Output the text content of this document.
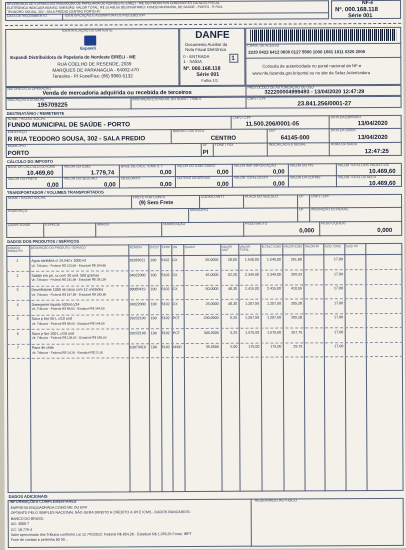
RECEBEMOS DE EXPANDI DISTRIBUIDORA DE PAPELARIA DO NORDESTE EIRELI - ME OS PRODUTOS CONSTANTES DA NOTA FISCAL
ELETRÔNICA INDICADA ABAIXO. EMISSÃO: VALOR TOTAL: R$ 10.469,60 DESTINATÁRIO: FUNDO MUNICIPAL DE SAÚDE - PORTO - R RUA
TEODORO SOUSA, 302 - SALA PREDIO CENTRO PORTO-PI
DATA DE RECEBIMENTO	IDENTIFICAÇÃO E ASSINATURA DO RECEBEDOR
NF-e
Nº. 000.168.118
Série 001
IDENTIFICAÇÃO DO EMITENTE
Expandi
Expandi Distribuidora de Papelaria do Nordeste EIRELI - ME
RUA COELHO DE RESENDE, 2039
MARQUES DE PARANAGUA - 64002-470
Teresina - PI Fone/Fax: (86) 9960-5132
DANFE
Documento Auxiliar da
Nota Fiscal Eletrônica
0 - ENTRADA
1 - SAÍDA	1
Nº. 000.168.118
Série 001
Folha 1/1
CHAVE DE ACESSO
2220 0422 6412 0600 0127 5500 1000 1681 1811 0320 2000
Consulta de autenticidade no portal nacional da NF-e
www.nfe.fazenda.gov.br/portal ou no site da Sefaz Autorizadora
NATUREZA DA OPERAÇÃO
Venda de mercadoria adquirida ou recebida de terceiros
PROTOCOLO DE AUTORIZAÇÃO DE USO
322200004999493 - 13/04/2020 12:47:29
INSCRIÇÃO ESTADUAL
195709225
INSCRIÇÃO ESTADUAL DO SUBST. TRIBUT.	CNPJ / CPF
23.841.256/0001-27
DESTINATÁRIO / REMETENTE
NOME / RAZÃO SOCIAL
FUNDO MUNICIPAL DE SAÚDE - PORTO
CNPJ / CPF
11.500.206/0001-05
DATA DA EMISSÃO
13/04/2020
ENDEREÇO
R RUA TEODORO SOUSA, 302 - SALA PREDIO
BAIRRO / DISTRITO
CENTRO
CEP
64145-000
DATA DA SAÍDA
13/04/2020
MUNICÍPIO
PORTO
UF
PI
FONE / FAX	INSCRIÇÃO ESTADUAL	HORA DA SAÍDA
12:47:25
CÁLCULO DO IMPOSTO
BASE DE CÁLCULO DO ICMS
10.469,60
VALOR DO ICMS
1.779,74
BASE DE CÁLC. ICMS S.T.
0,00
VALOR DO ICMS SUBST.
0,00
VALOR IMP. IMPORTAÇÃO
0,00
VALOR DO PIS	VALOR TOTAL DOS PRODUTOS
10.469,60
VALOR DO FRETE
0,00
VALOR DO SEGURO
0,00
DESCONTO
0,00
OUTRAS DESPESAS
0,00
VALOR TOTAL DO IPI
0,00
VALOR DA COFINS	VALOR TOTAL DA NOTA
10.469,60
TRANSPORTADOR / VOLUMES TRANSPORTADOS
NOME / RAZÃO SOCIAL	FRETE POR CONTA
(9) Sem Frete
CÓDIGO ANTT	PLACA DO VEÍCULO	UF CNPJ / CPF
ENDEREÇO	MUNICÍPIO	UF INSCRIÇÃO ESTADUAL
QUANTIDADE	ESPÉCIE	MARCA	NUMERAÇÃO	PESO BRUTO
0,000
PESO LÍQUIDO
0,000
DADOS DOS PRODUTOS / SERVIÇOS
CÓDIGO PRODUTO
DESCRIÇÃO DO PRODUTO / SERVIÇO	NCM/SH	O/CST CFOP UN	QUANT	VALOR UNIT
VALOR TOTAL
B.CÁLC ICMS VALOR ICMS VALOR IPI	ALÍQ. ICMS	ALÍQ. IPI
1	Agua sanitária c/ 1/Unid x 1000 ml
Vlr. Tributos - Federal R$ 125,69 - Estadual R$ 184,80
28289011 100 5102 CX	55,0000	28,00	1.540,00	1.540,00	261,80	17,00
2	Sabão em pó, cx com 20 und. 500 gramas
Vlr. Tributos - Federal R$ 191,68 - Estadual R$ 281,58
34022000 100 5102 CX	45,0000	52,20	2.349,00	2.349,00	399,33	17,00
3	Desinfetante 1000 ml caixa com 12 unidades
Vlr. Tributos - Federal R$ 197,58 - Estadual R$ 290,80
38089419 100 5102 CX	50,0000	48,30	2.415,00	2.415,00	410,55	17,00
4	Detergente liquido 500ml c/24
Vlr. Tributos - Federal R$ 98,63 - Estadual R$ 144,90
34022000 100 5102 CX	25,0000	48,30	1.207,50	1.207,50	205,28	17,00
5	Saco p lixo 50 L c/10 und
Vlr. Tributos - Federal R$ 98,63 - Estadual R$ 144,90
39232190 100 5102 PCT	230,0000	5,25	1.207,50	1.207,50	205,28	17,00
6	Saco p lixo 100 L c/10 und
Vlr. Tributos - Federal R$ 128,02 - Estadual R$ 189,00
39232190 100 5102 PCT	300,0000	5,25	1.575,00	1.575,00	267,75	17,00
7	Pano de chão
Vlr. Tributos - Federal R$ 14,26 - Estadual R$ 21,00
63079010 100 5102 UNID	35,0000	5,00	175,00	175,00	29,75	17,00
DADOS ADICIONAIS
INFORMAÇÕES COMPLEMENTARES	RESERVADO AO FISCO
EMPRESA ENQUADRADA COMO ME OU EPP
OPTANTE PELO SIMPLES NACIONAL NÃO GERA DIREITO A CRÉDITO À IPI E ICMS - DADOS BANCÁRIOS:
BANCO DO BRASIL
AG: 4080-7
CC: 18.775-4
Valor aproximado dos Tributos conforme Lei 12.741/2012: Federal R$ 854,28 - Estadual R$ 1.256,26 Fonte: IBPT
Fone de contato à pedrinha 80 99...
